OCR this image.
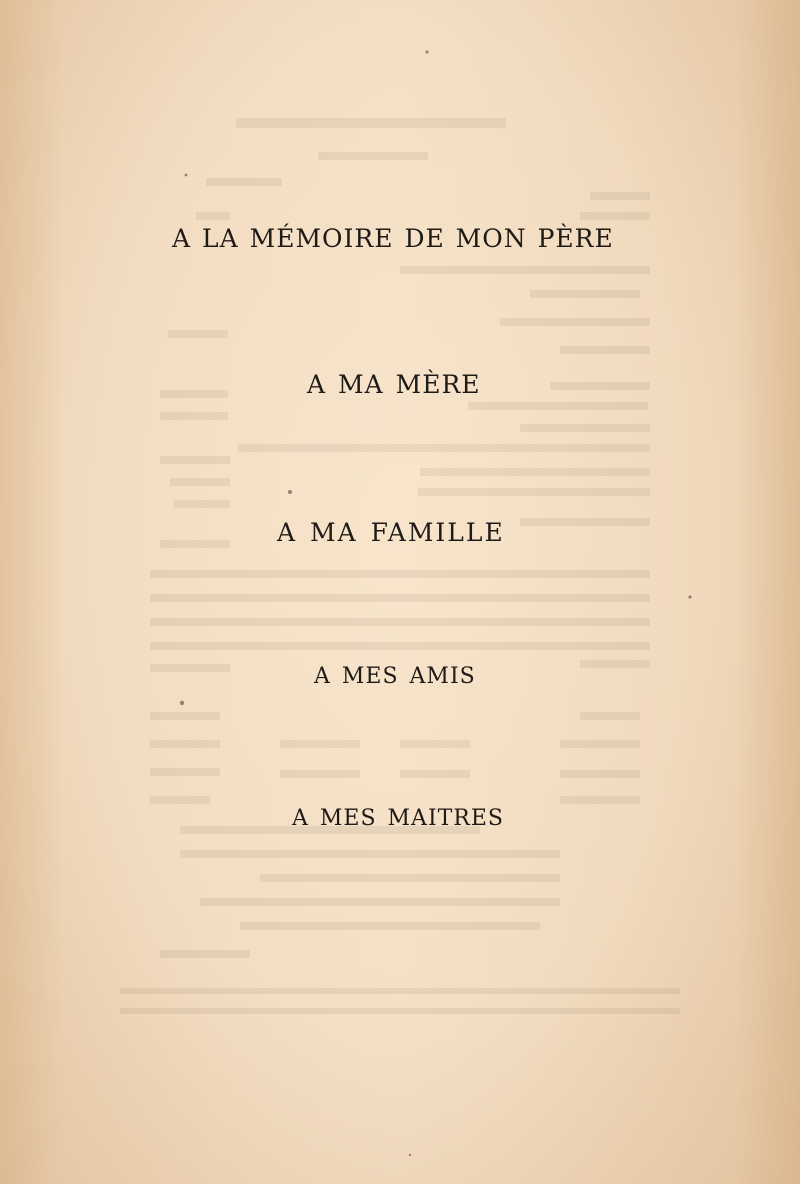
A LA MÉMOIRE DE MON PÈRE
A MA MÈRE
A MA FAMILLE
A MES AMIS
A MES MAITRES
